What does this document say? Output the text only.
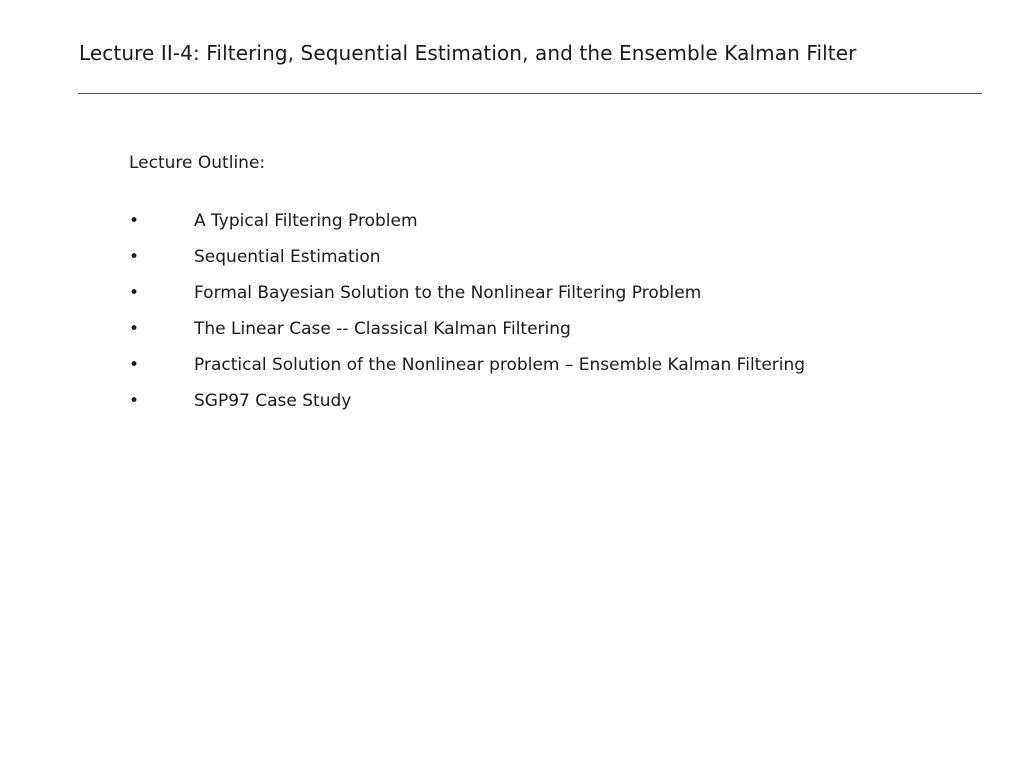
Lecture II-4: Filtering, Sequential Estimation, and the Ensemble Kalman Filter

Lecture Outline:

•	A Typical Filtering Problem
•	Sequential Estimation
•	Formal Bayesian Solution to the Nonlinear Filtering Problem
•	The Linear Case -- Classical Kalman Filtering
•	Practical Solution of the Nonlinear problem – Ensemble Kalman Filtering
•	SGP97 Case Study
